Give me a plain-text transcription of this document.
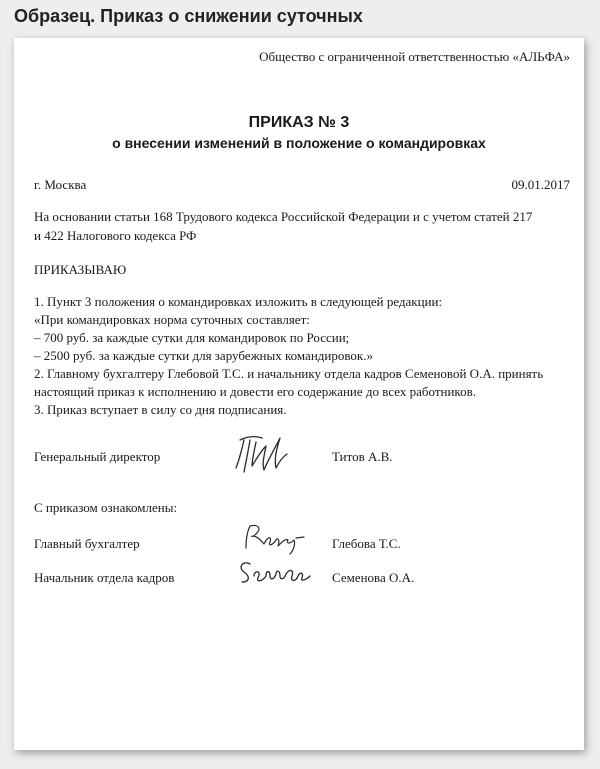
Образец. Приказ о снижении суточных
Общество с ограниченной ответственностью «АЛЬФА»
ПРИКАЗ № 3
о внесении изменений в положение о командировках
г. Москва	09.01.2017
На основании статьи 168 Трудового кодекса Российской Федерации и с учетом статей 217
и 422 Налогового кодекса РФ
ПРИКАЗЫВАЮ
1. Пункт 3 положения о командировках изложить в следующей редакции:
«При командировках норма суточных составляет:
– 700 руб. за каждые сутки для командировок по России;
– 2500 руб. за каждые сутки для зарубежных командировок.»
2. Главному бухгалтеру Глебовой Т.С. и начальнику отдела кадров Семеновой О.А. принять
настоящий приказ к исполнению и довести его содержание до всех работников.
3. Приказ вступает в силу со дня подписания.
Генеральный директор	Титов А.В.
С приказом ознакомлены:
Главный бухгалтер	Глебова Т.С.
Начальник отдела кадров	Семенова О.А.
